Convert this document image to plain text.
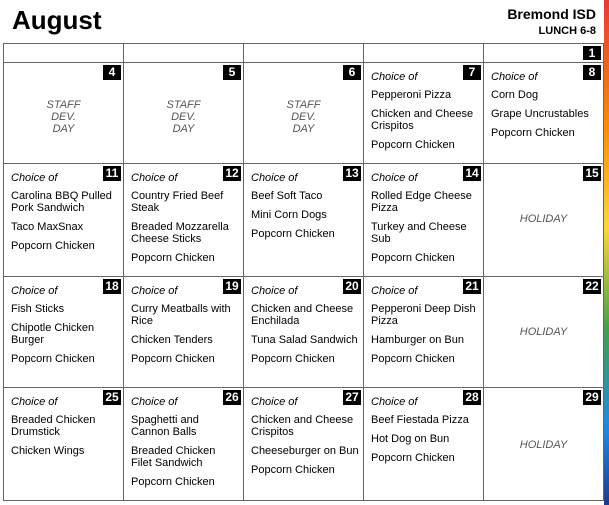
August	Bremond ISD
LUNCH 6-8
1
4
STAFF DEV. DAY
5
STAFF DEV. DAY
6
STAFF DEV. DAY
7
Choice of
Pepperoni Pizza
Chicken and Cheese Crispitos
Popcorn Chicken
8
Choice of
Corn Dog
Grape Uncrustables
Popcorn Chicken
11
Choice of
Carolina BBQ Pulled Pork Sandwich
Taco MaxSnax
Popcorn Chicken
12
Choice of
Country Fried Beef Steak
Breaded Mozzarella Cheese Sticks
Popcorn Chicken
13
Choice of
Beef Soft Taco
Mini Corn Dogs
Popcorn Chicken
14
Choice of
Rolled Edge Cheese Pizza
Turkey and Cheese Sub
Popcorn Chicken
15
HOLIDAY
18
Choice of
Fish Sticks
Chipotle Chicken Burger
Popcorn Chicken
19
Choice of
Curry Meatballs with Rice
Chicken Tenders
Popcorn Chicken
20
Choice of
Chicken and Cheese Enchilada
Tuna Salad Sandwich
Popcorn Chicken
21
Choice of
Pepperoni Deep Dish Pizza
Hamburger on Bun
Popcorn Chicken
22
HOLIDAY
25
Choice of
Breaded Chicken Drumstick
Chicken Wings
26
Choice of
Spaghetti and Cannon Balls
Breaded Chicken Filet Sandwich
Popcorn Chicken
27
Choice of
Chicken and Cheese Crispitos
Cheeseburger on Bun
Popcorn Chicken
28
Choice of
Beef Fiestada Pizza
Hot Dog on Bun
Popcorn Chicken
29
HOLIDAY
